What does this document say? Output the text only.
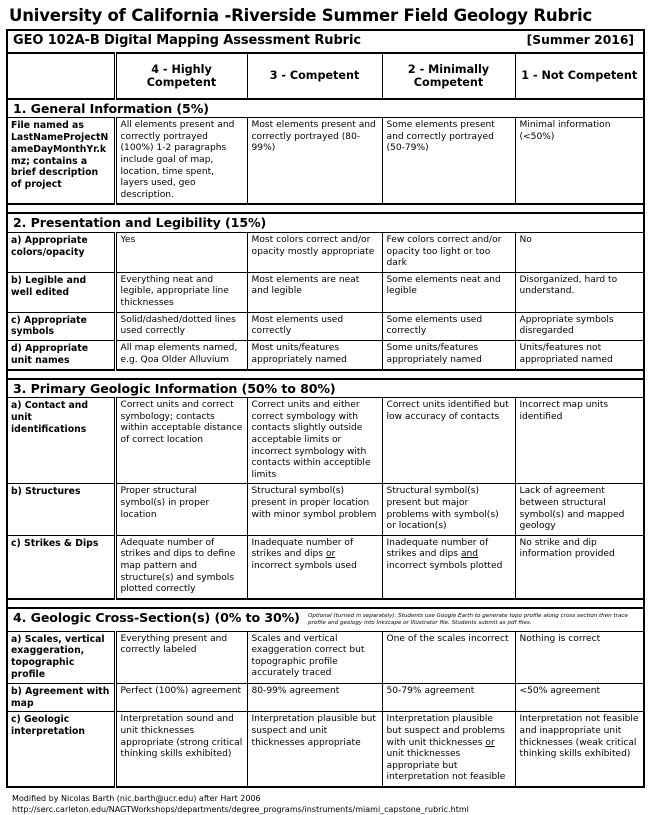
University of California -Riverside Summer Field Geology Rubric
GEO 102A-B Digital Mapping Assessment Rubric [Summer 2016]				

	4 - Highly Competent	3 - Competent	2 - Minimally Competent	1 - Not Competent

1. General Information (5%)				

File named as LastNameProjectNameDayMonthYr.kmz; contains a brief description of project	All elements present and correctly portrayed (100%) 1-2 paragraphs include goal of map, location, time spent, layers used, geo description.	Most elements present and correctly portrayed (80-99%)	Some elements present and correctly portrayed (50-79%)	Minimal information (<50%)

2. Presentation and Legibility (15%)				

a) Appropriate colors/opacity	Yes	Most colors correct and/or opacity mostly appropriate	Few colors correct and/or opacity too light or too dark	No
b) Legible and well edited	Everything neat and legible, appropriate line thicknesses	Most elements are neat and legible	Some elements neat and legible	Disorganized, hard to understand.
c) Appropriate symbols	Solid/dashed/dotted lines used correctly	Most elements used correctly	Some elements used correctly	Appropriate symbols disregarded
d) Appropriate unit names	All map elements named, e.g. Qoa Older Alluvium	Most units/features appropriately named	Some units/features appropriately named	Units/features not appropriated named

3. Primary Geologic Information (50% to 80%)				

a) Contact and unit identifications	Correct units and correct symbology; contacts within acceptable distance of correct location	Correct units and either correct symbology with contacts slightly outside acceptable limits or incorrect symbology with contacts within acceptible limits	Correct units identified but low accuracy of contacts	Incorrect map units identified
b) Structures	Proper structural symbol(s) in proper location	Structural symbol(s) present in proper location with minor symbol problem	Structural symbol(s) present but major problems with symbol(s) or location(s)	Lack of agreement between structural symbol(s) and mapped geology
c) Strikes & Dips	Adequate number of strikes and dips to define map pattern and structure(s) and symbols plotted correctly	Inadequate number of strikes and dips or incorrect symbols used	Inadequate number of strikes and dips and incorrect symbols plotted	No strike and dip information provided

4. Geologic Cross-Section(s) (0% to 30%) Optional (turned in separately). Students use Google Earth to generate topo profile along cross section then trace profile and geology into Inkscape or Illustrator file. Students submit as pdf files.				

a) Scales, vertical exaggeration, topographic profile	Everything present and correctly labeled	Scales and vertical exaggeration correct but topographic profile accurately traced	One of the scales incorrect	Nothing is correct
b) Agreement with map	Perfect (100%) agreement	80-99% agreement	50-79% agreement	<50% agreement
c) Geologic interpretation	Interpretation sound and unit thicknesses appropriate (strong critical thinking skills exhibited)	Interpretation plausible but suspect and unit thicknesses appropriate	Interpretation plausible but suspect and problems with unit thicknesses or unit thicknesses appropriate but interpretation not feasible	Interpretation not feasible and inappropriate unit thicknesses (weak critical thinking skills exhibited)
Modified by Nicolas Barth (nic.barth@ucr.edu) after Hart 2006
http://serc.carleton.edu/NAGTWorkshops/departments/degree_programs/instruments/miami_capstone_rubric.html
